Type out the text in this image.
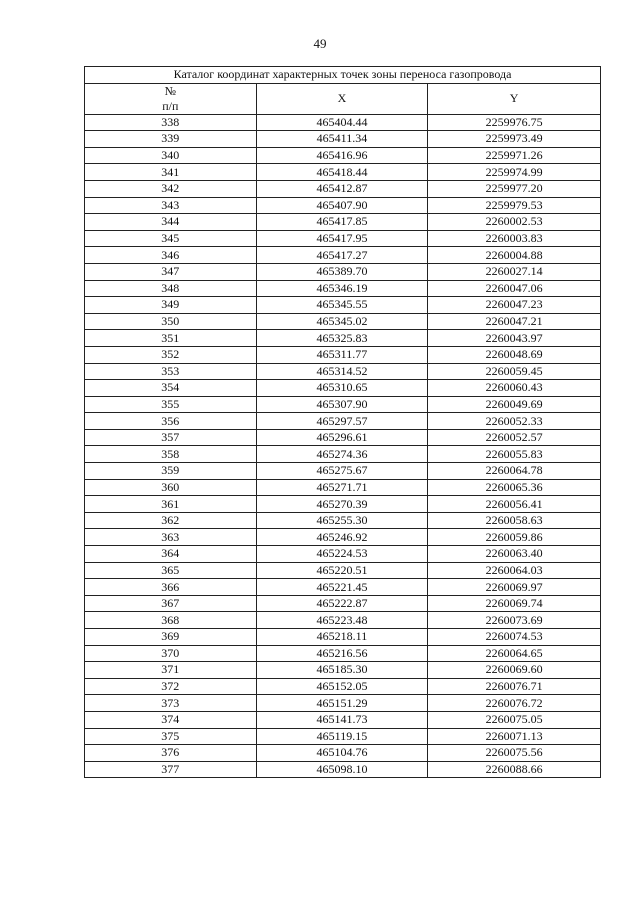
49
Каталог координат характерных точек зоны переноса газопровода		
№
п/п	X	Y
338	465404.44	2259976.75
339	465411.34	2259973.49
340	465416.96	2259971.26
341	465418.44	2259974.99
342	465412.87	2259977.20
343	465407.90	2259979.53
344	465417.85	2260002.53
345	465417.95	2260003.83
346	465417.27	2260004.88
347	465389.70	2260027.14
348	465346.19	2260047.06
349	465345.55	2260047.23
350	465345.02	2260047.21
351	465325.83	2260043.97
352	465311.77	2260048.69
353	465314.52	2260059.45
354	465310.65	2260060.43
355	465307.90	2260049.69
356	465297.57	2260052.33
357	465296.61	2260052.57
358	465274.36	2260055.83
359	465275.67	2260064.78
360	465271.71	2260065.36
361	465270.39	2260056.41
362	465255.30	2260058.63
363	465246.92	2260059.86
364	465224.53	2260063.40
365	465220.51	2260064.03
366	465221.45	2260069.97
367	465222.87	2260069.74
368	465223.48	2260073.69
369	465218.11	2260074.53
370	465216.56	2260064.65
371	465185.30	2260069.60
372	465152.05	2260076.71
373	465151.29	2260076.72
374	465141.73	2260075.05
375	465119.15	2260071.13
376	465104.76	2260075.56
377	465098.10	2260088.66
